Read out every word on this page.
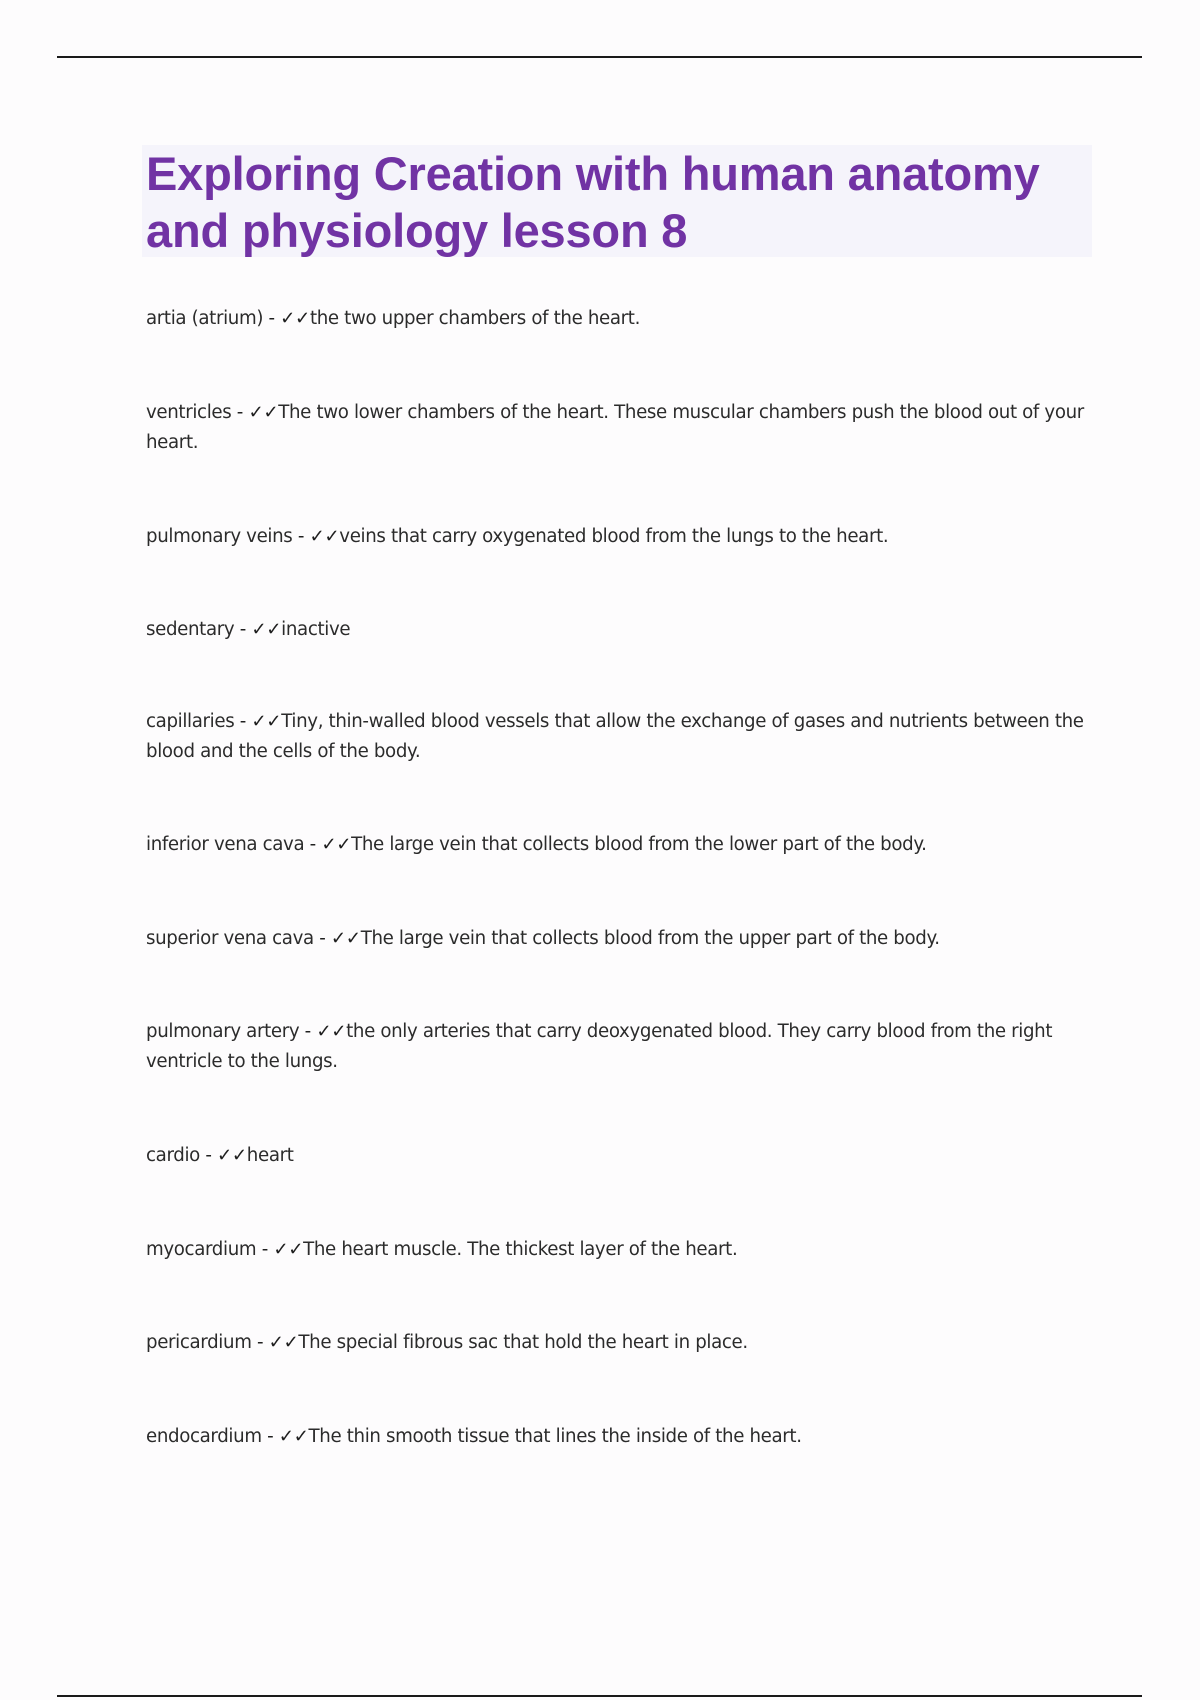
Exploring Creation with human anatomy and physiology lesson 8

artia (atrium) - ✓✓the two upper chambers of the heart.

ventricles - ✓✓The two lower chambers of the heart. These muscular chambers push the blood out of your heart.

pulmonary veins - ✓✓veins that carry oxygenated blood from the lungs to the heart.

sedentary - ✓✓inactive

capillaries - ✓✓Tiny, thin-walled blood vessels that allow the exchange of gases and nutrients between the blood and the cells of the body.

inferior vena cava - ✓✓The large vein that collects blood from the lower part of the body.

superior vena cava - ✓✓The large vein that collects blood from the upper part of the body.

pulmonary artery - ✓✓the only arteries that carry deoxygenated blood. They carry blood from the right ventricle to the lungs.

cardio - ✓✓heart

myocardium - ✓✓The heart muscle. The thickest layer of the heart.

pericardium - ✓✓The special fibrous sac that hold the heart in place.

endocardium - ✓✓The thin smooth tissue that lines the inside of the heart.
